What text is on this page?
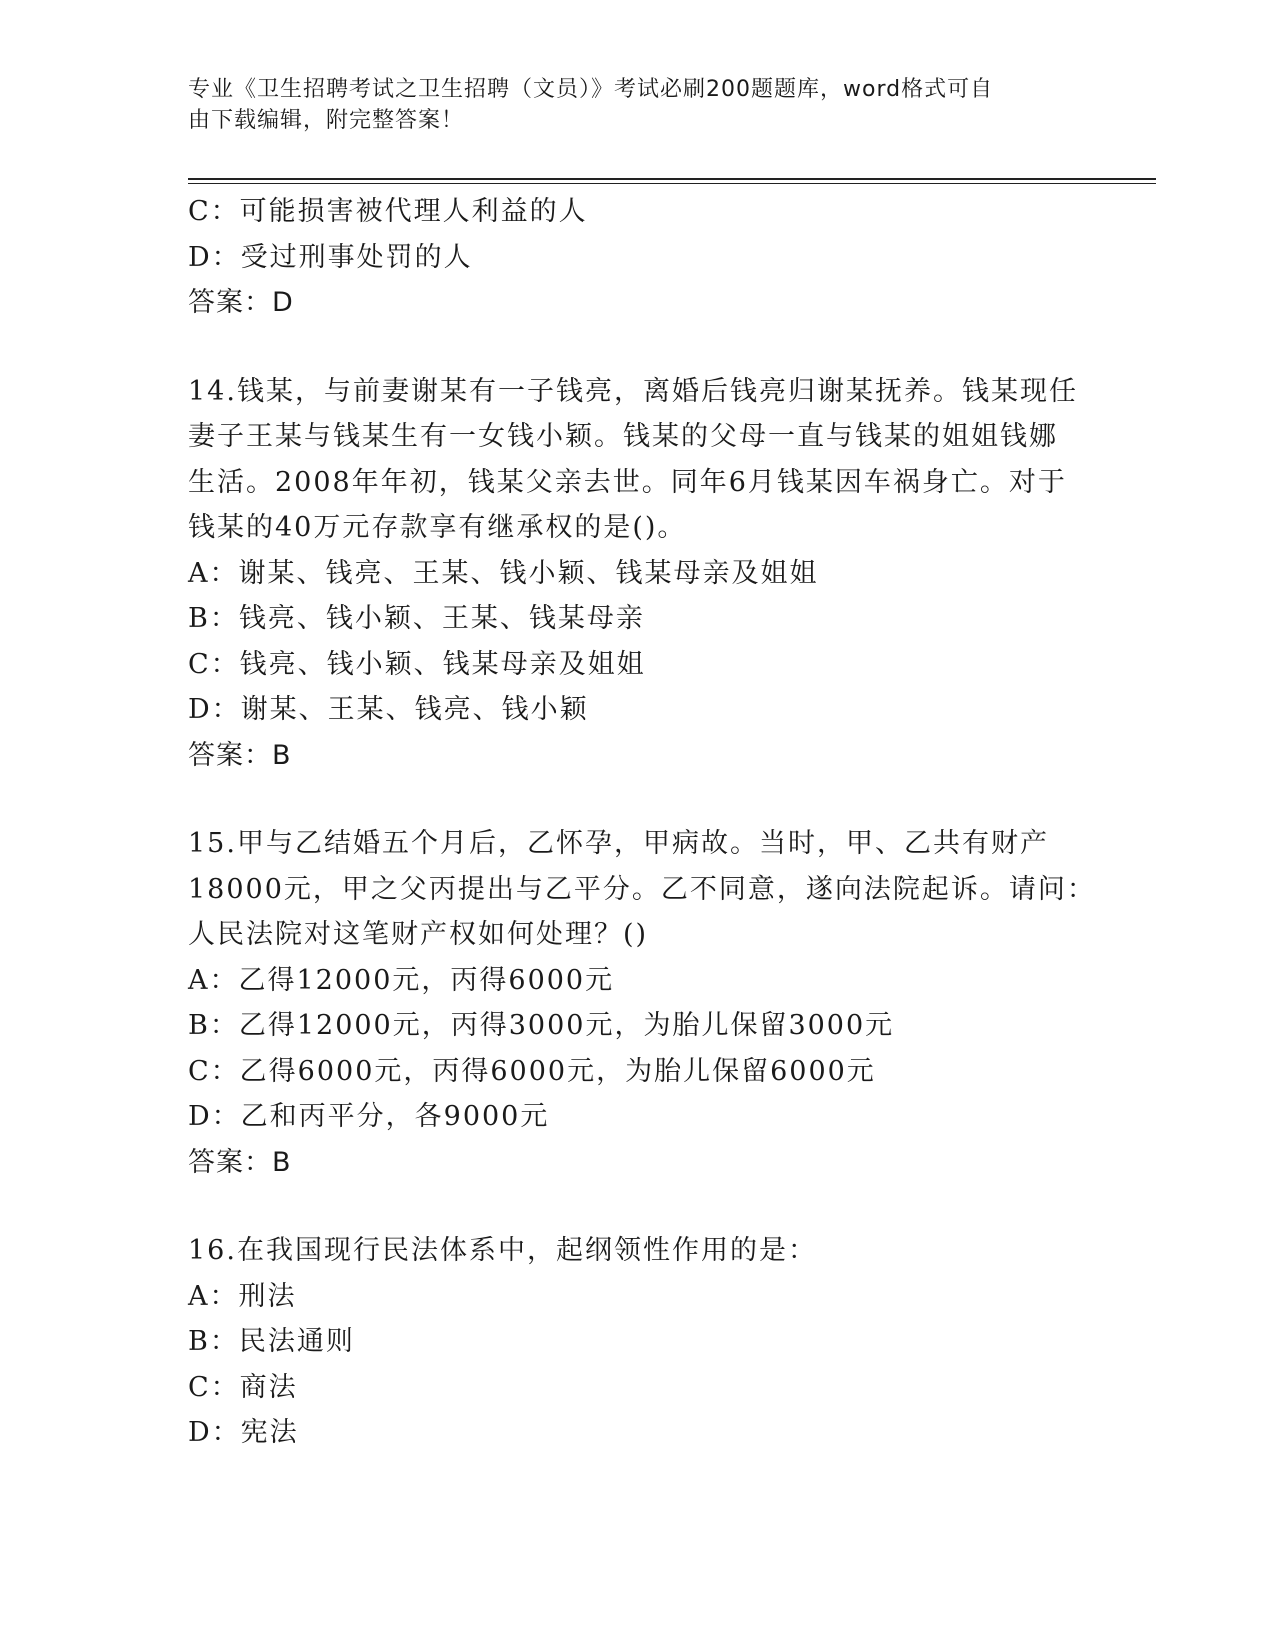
专业《卫生招聘考试之卫生招聘（文员）》考试必刷200题题库，word格式可自
由下载编辑，附完整答案！
C：可能损害被代理人利益的人
D：受过刑事处罚的人
答案：D
14.钱某，与前妻谢某有一子钱亮，离婚后钱亮归谢某抚养。钱某现任
妻子王某与钱某生有一女钱小颖。钱某的父母一直与钱某的姐姐钱娜
生活。2008年年初，钱某父亲去世。同年6月钱某因车祸身亡。对于
钱某的40万元存款享有继承权的是()。
A：谢某、钱亮、王某、钱小颖、钱某母亲及姐姐
B：钱亮、钱小颖、王某、钱某母亲
C：钱亮、钱小颖、钱某母亲及姐姐
D：谢某、王某、钱亮、钱小颖
答案：B
15.甲与乙结婚五个月后，乙怀孕，甲病故。当时，甲、乙共有财产
18000元，甲之父丙提出与乙平分。乙不同意，遂向法院起诉。请问：
人民法院对这笔财产权如何处理？()
A：乙得12000元，丙得6000元
B：乙得12000元，丙得3000元，为胎儿保留3000元
C：乙得6000元，丙得6000元，为胎儿保留6000元
D：乙和丙平分，各9000元
答案：B
16.在我国现行民法体系中，起纲领性作用的是：
A：刑法
B：民法通则
C：商法
D：宪法
